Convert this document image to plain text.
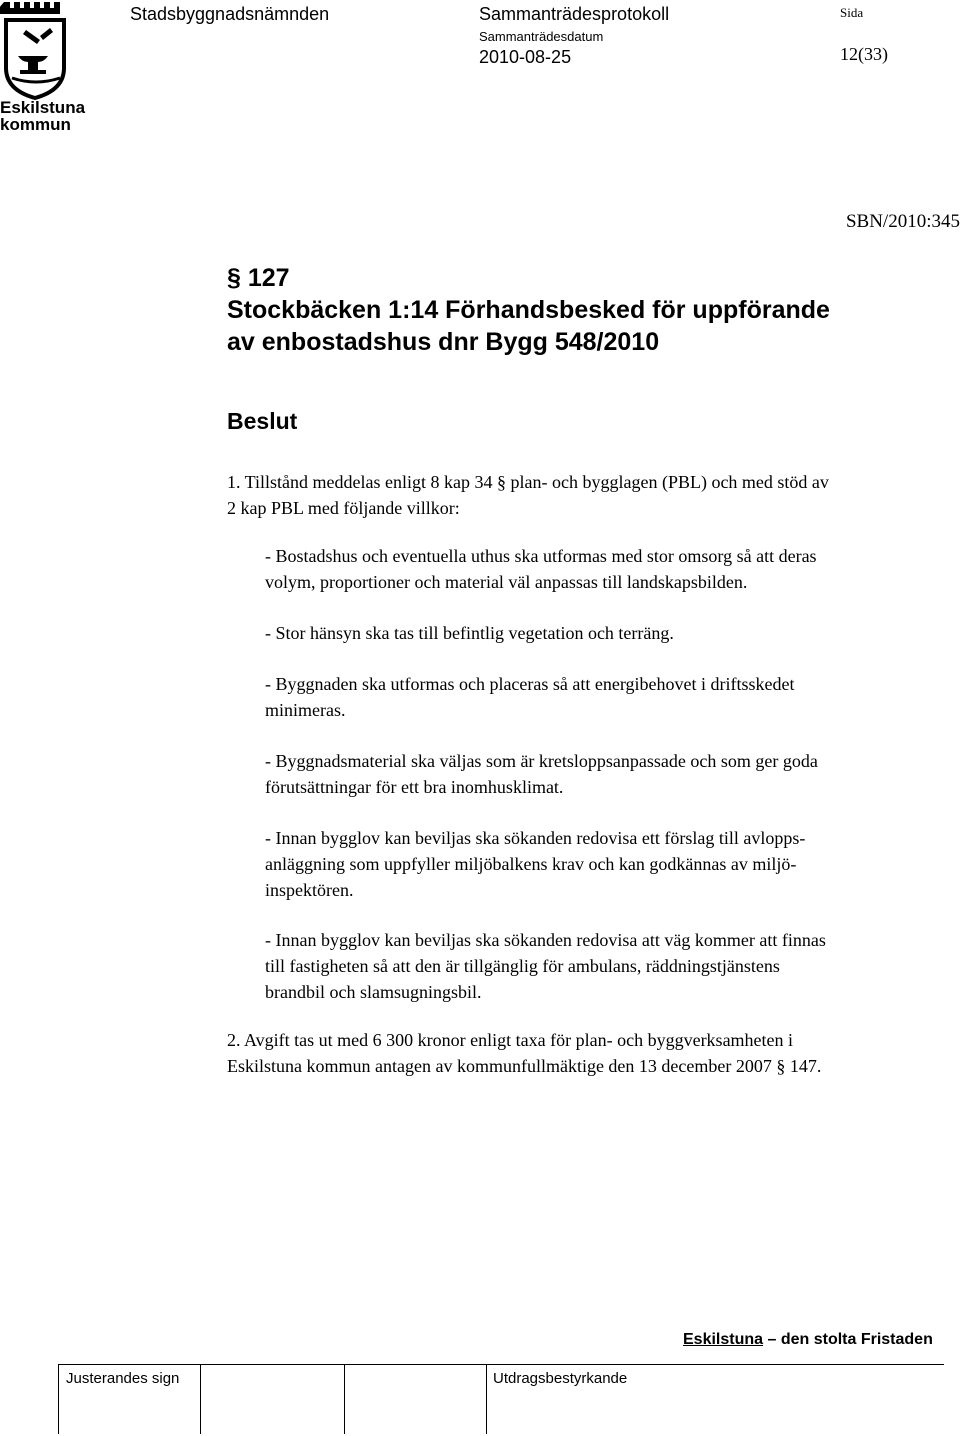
Eskilstuna
kommun
Stadsbyggnadsnämnden	Sammanträdesprotokoll
Sammanträdesdatum
2010-08-25
Sida
12(33)
SBN/2010:345
§ 127
Stockbäcken 1:14 Förhandsbesked för uppförande
av enbostadshus dnr Bygg 548/2010
Beslut
1. Tillstånd meddelas enligt 8 kap 34 § plan- och bygglagen (PBL) och med stöd av
2 kap PBL med följande villkor:
- Bostadshus och eventuella uthus ska utformas med stor omsorg så att deras
volym, proportioner och material väl anpassas till landskapsbilden.
- Stor hänsyn ska tas till befintlig vegetation och terräng.
- Byggnaden ska utformas och placeras så att energibehovet i driftsskedet
minimeras.
- Byggnadsmaterial ska väljas som är kretsloppsanpassade och som ger goda
förutsättningar för ett bra inomhusklimat.
- Innan bygglov kan beviljas ska sökanden redovisa ett förslag till avlopps-
anläggning som uppfyller miljöbalkens krav och kan godkännas av miljö-
inspektören.
- Innan bygglov kan beviljas ska sökanden redovisa att väg kommer att finnas
till fastigheten så att den är tillgänglig för ambulans, räddningstjänstens
brandbil och slamsugningsbil.
2. Avgift tas ut med 6 300 kronor enligt taxa för plan- och byggverksamheten i
Eskilstuna kommun antagen av kommunfullmäktige den 13 december 2007 § 147.
Eskilstuna – den stolta Fristaden
Justerandes sign	Utdragsbestyrkande
